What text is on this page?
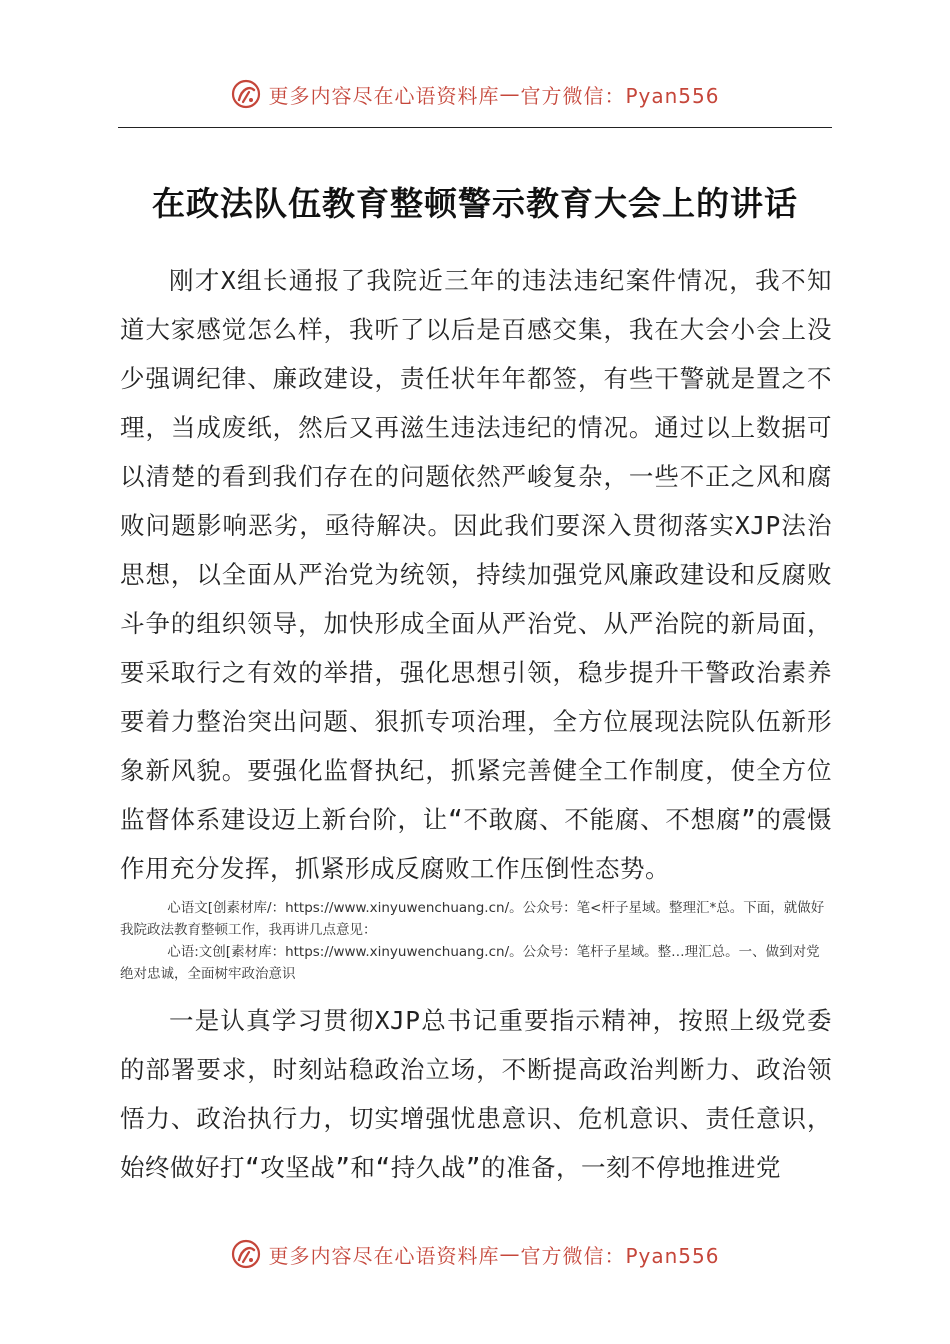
更多内容尽在心语资料库 — 官方微信：Pyan556
在政法队伍教育整顿警示教育大会上的讲话

刚才X组长通报了我院近三年的违法违纪案件情况，我不知道大家感觉怎么样，我听了以后是百感交集，我在大会小会上没少强调纪律、廉政建设，责任状年年都签，有些干警就是置之不理，当成废纸，然后又再滋生违法违纪的情况。通过以上数据可以清楚的看到我们存在的问题依然严峻复杂，一些不正之风和腐败问题影响恶劣，亟待解决。因此我们要深入贯彻落实XJP法治思想，以全面从严治党为统领，持续加强党风廉政建设和反腐败斗争的组织领导，加快形成全面从严治党、从严治院的新局面，要采取行之有效的举措，强化思想引领，稳步提升干警政治素养要着力整治突出问题、狠抓专项治理，全方位展现法院队伍新形象新风貌。要强化监督执纪，抓紧完善健全工作制度，使全方位监督体系建设迈上新台阶，让“不敢腐、不能腐、不想腐”的震慑作用充分发挥，抓紧形成反腐败工作压倒性态势。

心语文[创素材库/：https://www.xinyuwenchuang.cn/。公众号：笔<杆子星域。整理汇*总。下面，就做好我院政法教育整顿工作，我再讲几点意见：

心语:文创[素材库：https://www.xinyuwenchuang.cn/。公众号：笔杆子星域。整…理汇总。一、做到对党绝对忠诚，全面树牢政治意识

一是认真学习贯彻XJP总书记重要指示精神，按照上级党委的部署要求，时刻站稳政治立场，不断提高政治判断力、政治领悟力、政治执行力，切实增强忧患意识、危机意识、责任意识，始终做好打“攻坚战”和“持久战”的准备，一刻不停地推进党

更多内容尽在心语资料库 — 官方微信：Pyan556
